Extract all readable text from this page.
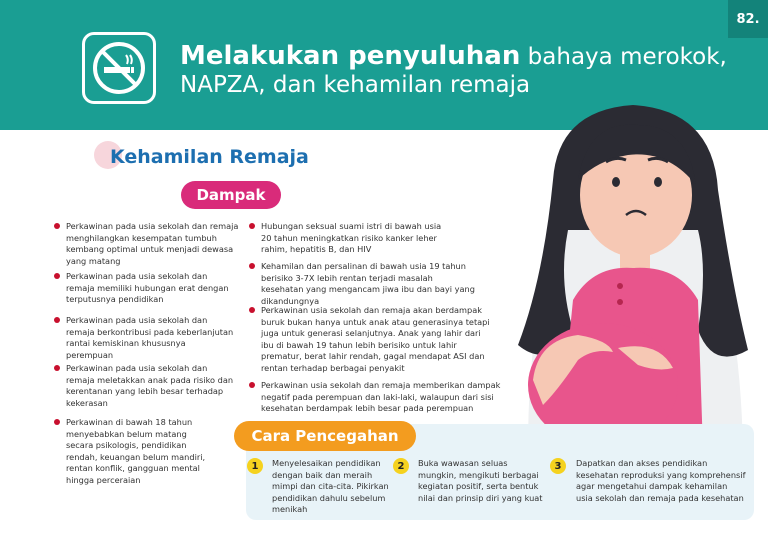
82.
Melakukan penyuluhan bahaya merokok,
NAPZA, dan kehamilan remaja
Kehamilan Remaja
Dampak
Perkawinan pada usia sekolah dan remaja menghilangkan kesempatan tumbuh kembang optimal untuk menjadi dewasa yang matang
Perkawinan pada usia sekolah dan remaja memiliki hubungan erat dengan terputusnya pendidikan
Perkawinan pada usia sekolah dan remaja berkontribusi pada keberlanjutan rantai kemiskinan khususnya perempuan
Perkawinan pada usia sekolah dan remaja meletakkan anak pada risiko dan kerentanan yang lebih besar terhadap kekerasan
Perkawinan di bawah 18 tahun menyebabkan belum matang secara psikologis, pendidikan rendah, keuangan belum mandiri, rentan konflik, gangguan mental hingga perceraian
Hubungan seksual suami istri di bawah usia 20 tahun meningkatkan risiko kanker leher rahim, hepatitis B, dan HIV
Kehamilan dan persalinan di bawah usia 19 tahun berisiko 3-7X lebih rentan terjadi masalah kesehatan yang mengancam jiwa ibu dan bayi yang dikandungnya
Perkawinan usia sekolah dan remaja akan berdampak buruk bukan hanya untuk anak atau generasinya tetapi juga untuk generasi selanjutnya. Anak yang lahir dari ibu di bawah 19 tahun lebih berisiko untuk lahir prematur, berat lahir rendah, gagal mendapat ASI dan rentan terhadap berbagai penyakit
Perkawinan usia sekolah dan remaja memberikan dampak negatif pada perempuan dan laki-laki, walaupun dari sisi kesehatan berdampak lebih besar pada perempuan
Cara Pencegahan
1	Menyelesaikan pendidikan dengan baik dan meraih mimpi dan cita-cita. Pikirkan pendidikan dahulu sebelum menikah
2	Buka wawasan seluas mungkin, mengikuti berbagai kegiatan positif, serta bentuk nilai dan prinsip diri yang kuat
3	Dapatkan dan akses pendidikan kesehatan reproduksi yang komprehensif agar mengetahui dampak kehamilan usia sekolah dan remaja pada kesehatan
